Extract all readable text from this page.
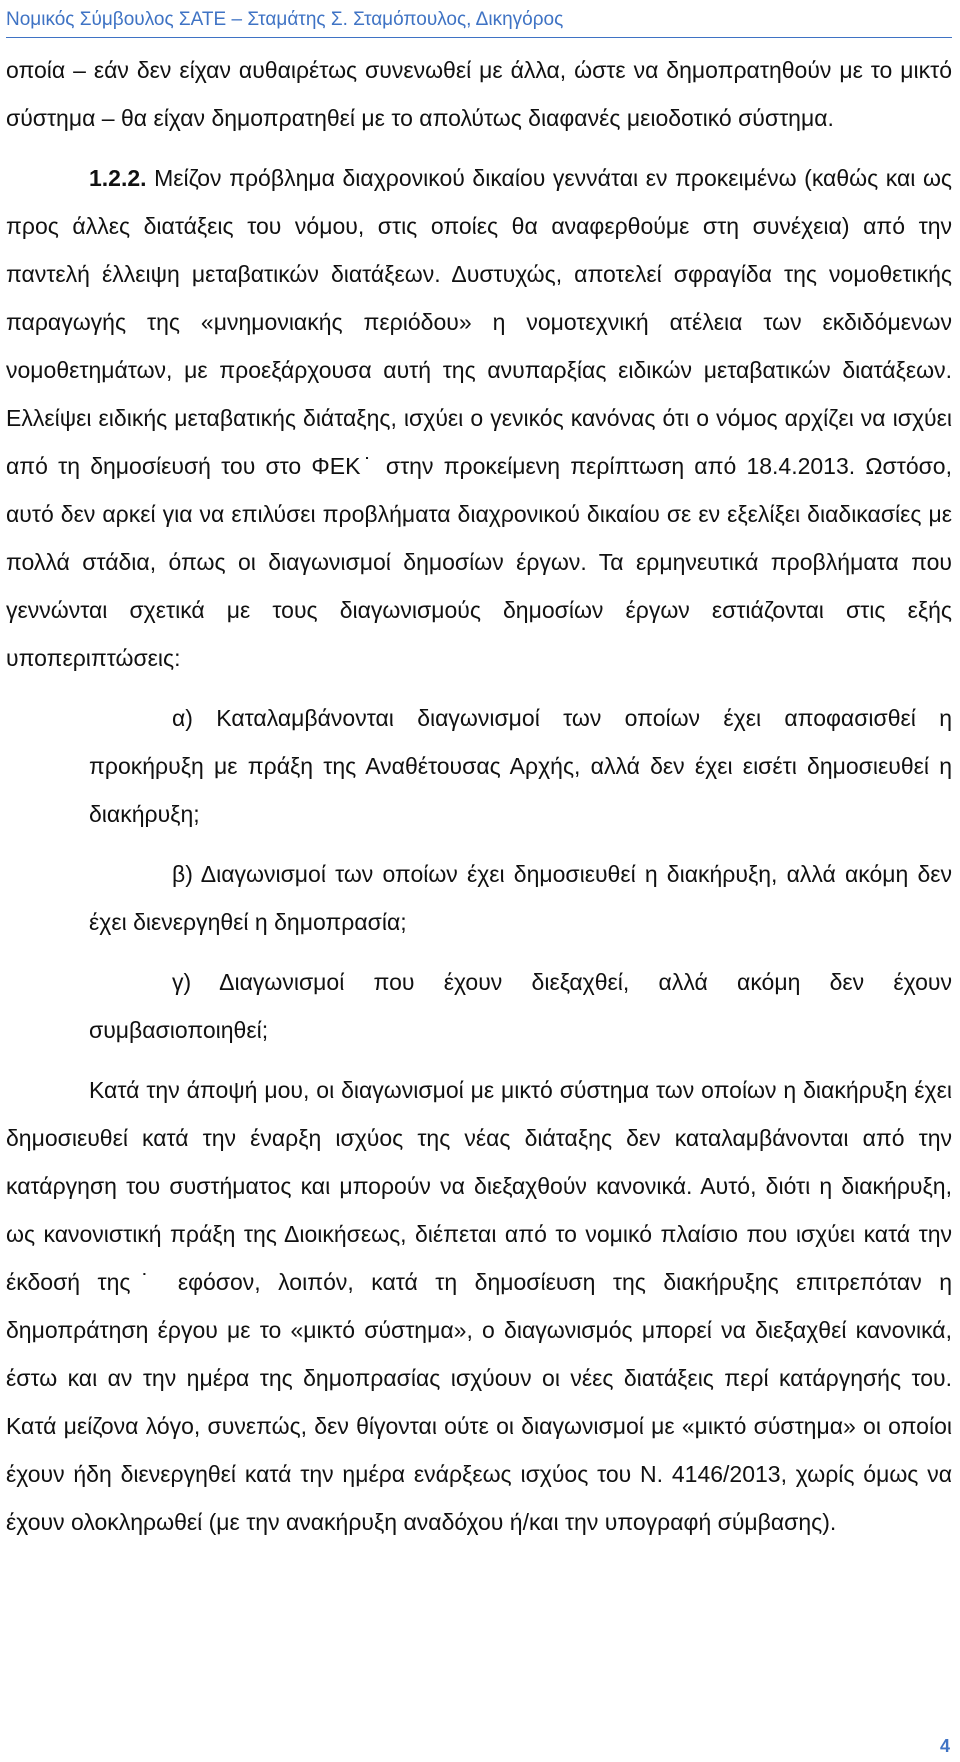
Νομικός Σύμβουλος ΣΑΤΕ – Σταμάτης Σ. Σταμόπουλος, Δικηγόρος

οποία – εάν δεν είχαν αυθαιρέτως συνενωθεί με άλλα, ώστε να δημοπρατηθούν με το μικτό σύστημα – θα είχαν δημοπρατηθεί με το απολύτως διαφανές μειοδοτικό σύστημα.

1.2.2. Μείζον πρόβλημα διαχρονικού δικαίου γεννάται εν προκειμένω (καθώς και ως προς άλλες διατάξεις του νόμου, στις οποίες θα αναφερθούμε στη συνέχεια) από την παντελή έλλειψη μεταβατικών διατάξεων. Δυστυχώς, αποτελεί σφραγίδα της νομοθετικής παραγωγής της «μνημονιακής περιόδου» η νομοτεχνική ατέλεια των εκδιδόμενων νομοθετημάτων, με προεξάρχουσα αυτή της ανυπαρξίας ειδικών μεταβατικών διατάξεων. Ελλείψει ειδικής μεταβατικής διάταξης, ισχύει ο γενικός κανόνας ότι ο νόμος αρχίζει να ισχύει από τη δημοσίευσή του στο ΦΕΚ˙ στην προκείμενη περίπτωση από 18.4.2013. Ωστόσο, αυτό δεν αρκεί για να επιλύσει προβλήματα διαχρονικού δικαίου σε εν εξελίξει διαδικασίες με πολλά στάδια, όπως οι διαγωνισμοί δημοσίων έργων. Τα ερμηνευτικά προβλήματα που γεννώνται σχετικά με τους διαγωνισμούς δημοσίων έργων εστιάζονται στις εξής υποπεριπτώσεις:

α) Καταλαμβάνονται διαγωνισμοί των οποίων έχει αποφασισθεί η προκήρυξη με πράξη της Αναθέτουσας Αρχής, αλλά δεν έχει εισέτι δημοσιευθεί η διακήρυξη;

β) Διαγωνισμοί των οποίων έχει δημοσιευθεί η διακήρυξη, αλλά ακόμη δεν έχει διενεργηθεί η δημοπρασία;

γ) Διαγωνισμοί που έχουν διεξαχθεί, αλλά ακόμη δεν έχουν συμβασιοποιηθεί;

Κατά την άποψή μου, οι διαγωνισμοί με μικτό σύστημα των οποίων η διακήρυξη έχει δημοσιευθεί κατά την έναρξη ισχύος της νέας διάταξης δεν καταλαμβάνονται από την κατάργηση του συστήματος και μπορούν να διεξαχθούν κανονικά. Αυτό, διότι η διακήρυξη, ως κανονιστική πράξη της Διοικήσεως, διέπεται από το νομικό πλαίσιο που ισχύει κατά την έκδοσή της˙ εφόσον, λοιπόν, κατά τη δημοσίευση της διακήρυξης επιτρεπόταν η δημοπράτηση έργου με το «μικτό σύστημα», ο διαγωνισμός μπορεί να διεξαχθεί κανονικά, έστω και αν την ημέρα της δημοπρασίας ισχύουν οι νέες διατάξεις περί κατάργησής του. Κατά μείζονα λόγο, συνεπώς, δεν θίγονται ούτε οι διαγωνισμοί με «μικτό σύστημα» οι οποίοι έχουν ήδη διενεργηθεί κατά την ημέρα ενάρξεως ισχύος του Ν. 4146/2013, χωρίς όμως να έχουν ολοκληρωθεί (με την ανακήρυξη αναδόχου ή/και την υπογραφή σύμβασης).

4
